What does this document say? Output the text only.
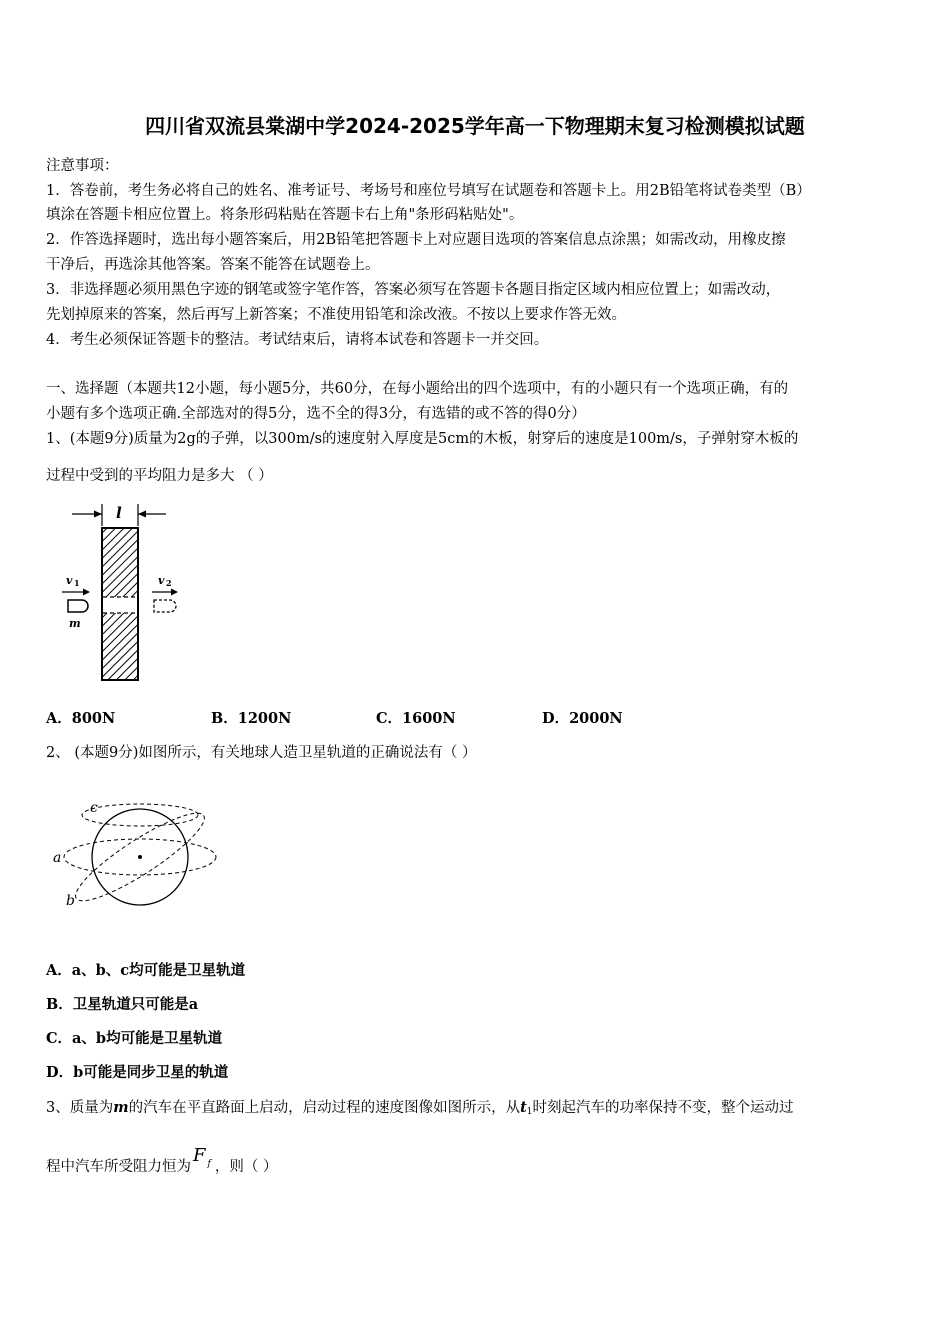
四川省双流县棠湖中学2024-2025学年高一下物理期末复习检测模拟试题
注意事项：
1．答卷前，考生务必将自己的姓名、准考证号、考场号和座位号填写在试题卷和答题卡上。用2B铅笔将试卷类型（B）
填涂在答题卡相应位置上。将条形码粘贴在答题卡右上角"条形码粘贴处"。
2．作答选择题时，选出每小题答案后，用2B铅笔把答题卡上对应题目选项的答案信息点涂黑；如需改动，用橡皮擦
干净后，再选涂其他答案。答案不能答在试题卷上。
3．非选择题必须用黑色字迹的钢笔或签字笔作答，答案必须写在答题卡各题目指定区域内相应位置上；如需改动，
先划掉原来的答案，然后再写上新答案；不准使用铅笔和涂改液。不按以上要求作答无效。
4．考生必须保证答题卡的整洁。考试结束后，请将本试卷和答题卡一并交回。
一、选择题（本题共12小题，每小题5分，共60分，在每小题给出的四个选项中，有的小题只有一个选项正确，有的
小题有多个选项正确.全部选对的得5分，选不全的得3分，有选错的或不答的得0分）
1、(本题9分)质量为2g的子弹，以300m/s的速度射入厚度是5cm的木板，射穿后的速度是100m/s，子弹射穿木板的
过程中受到的平均阻力是多大 （ ）
l
v 1
m
v 2
A．800N	B．1200N	C．1600N	D．2000N
2、 (本题9分)如图所示，有关地球人造卫星轨道的正确说法有（ ）
c
a
b
A．a、b、c均可能是卫星轨道
B．卫星轨道只可能是a
C．a、b均可能是卫星轨道
D．b可能是同步卫星的轨道
3、质量为m的汽车在平直路面上启动，启动过程的速度图像如图所示，从t1时刻起汽车的功率保持不变，整个运动过
程中汽车所受阻力恒为F $^f$ ，则（ ）
